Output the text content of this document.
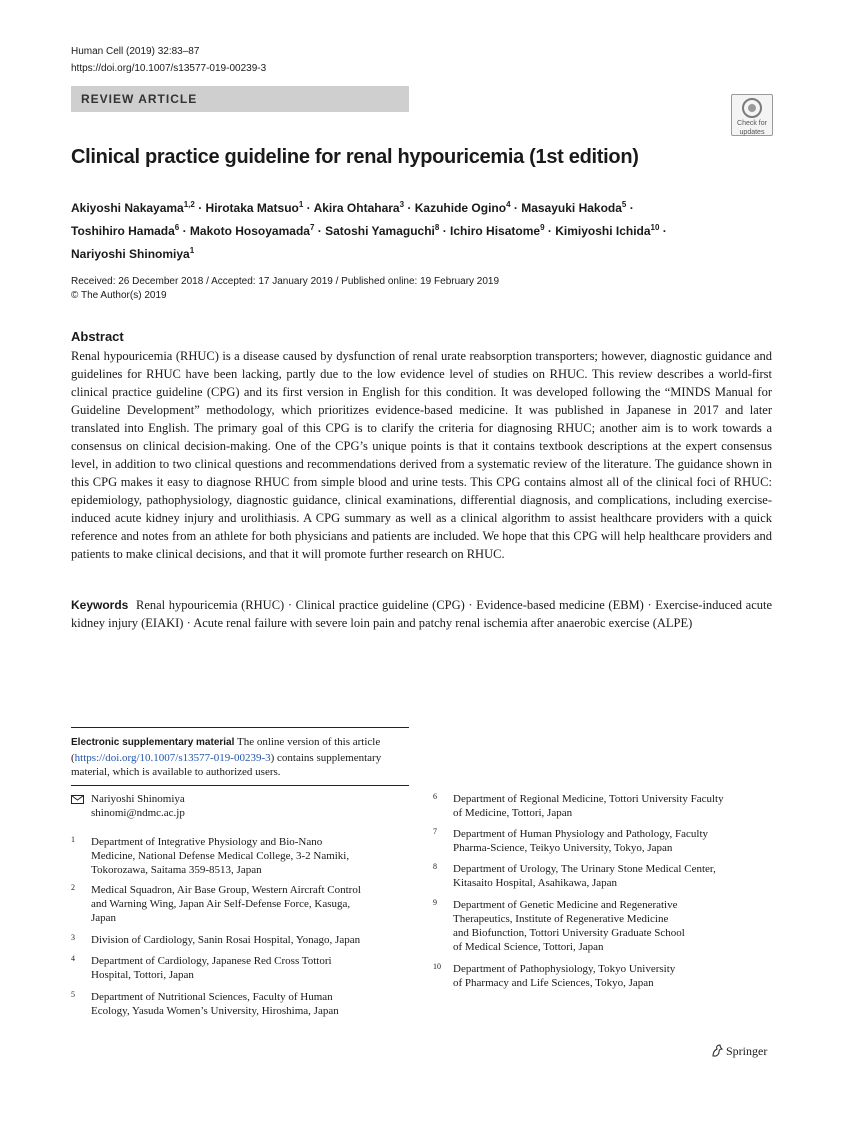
Human Cell (2019) 32:83–87
https://doi.org/10.1007/s13577-019-00239-3
REVIEW ARTICLE
Check for
updates
Clinical practice guideline for renal hypouricemia (1st edition)
Akiyoshi Nakayama$^{1,2}$ · Hirotaka Matsuo$^1$ · Akira Ohtahara$^3$ · Kazuhide Ogino$^4$ · Masayuki Hakoda$^5$ ·
Toshihiro Hamada$^6$ · Makoto Hosoyamada$^7$ · Satoshi Yamaguchi$^8$ · Ichiro Hisatome$^9$ · Kimiyoshi Ichida$^{10}$ ·
Nariyoshi Shinomiya$^1$
Received: 26 December 2018 / Accepted: 17 January 2019 / Published online: 19 February 2019
© The Author(s) 2019
Abstract
Renal hypouricemia (RHUC) is a disease caused by dysfunction of renal urate reabsorption transporters; however, diagnostic guidance and guidelines for RHUC have been lacking, partly due to the low evidence level of studies on RHUC. This review describes a world-first clinical practice guideline (CPG) and its first version in English for this condition. It was developed following the “MINDS Manual for Guideline Development” methodology, which prioritizes evidence-based medicine. It was published in Japanese in 2017 and later translated into English. The primary goal of this CPG is to clarify the criteria for diagnosing RHUC; another aim is to work towards a consensus on clinical decision-making. One of the CPG’s unique points is that it contains textbook descriptions at the expert consensus level, in addition to two clinical questions and recommendations derived from a systematic review of the literature. The guidance shown in this CPG makes it easy to diagnose RHUC from simple blood and urine tests. This CPG contains almost all of the clinical foci of RHUC: epidemiology, pathophysiology, diagnostic guidance, clinical examinations, differential diagnosis, and complications, including exercise-induced acute kidney injury and urolithiasis. A CPG summary as well as a clinical algorithm to assist healthcare providers with a quick reference and notes from an athlete for both physicians and patients are included. We hope that this CPG will help healthcare providers and patients to make clinical decisions, and that it will promote further research on RHUC.
Keywords Renal hypouricemia (RHUC) · Clinical practice guideline (CPG) · Evidence-based medicine (EBM) · Exercise-induced acute kidney injury (EIAKI) · Acute renal failure with severe loin pain and patchy renal ischemia after anaerobic exercise (ALPE)
Electronic supplementary material The online version of this article (https://doi.org/10.1007/s13577-019-00239-3) contains supplementary material, which is available to authorized users.
Nariyoshi Shinomiya
shinomi@ndmc.ac.jp
1 Department of Integrative Physiology and Bio-Nano
Medicine, National Defense Medical College, 3-2 Namiki,
Tokorozawa, Saitama 359-8513, Japan
2 Medical Squadron, Air Base Group, Western Aircraft Control
and Warning Wing, Japan Air Self-Defense Force, Kasuga,
Japan
3 Division of Cardiology, Sanin Rosai Hospital, Yonago, Japan
4 Department of Cardiology, Japanese Red Cross Tottori
Hospital, Tottori, Japan
5 Department of Nutritional Sciences, Faculty of Human
Ecology, Yasuda Women’s University, Hiroshima, Japan
6 Department of Regional Medicine, Tottori University Faculty
of Medicine, Tottori, Japan
7 Department of Human Physiology and Pathology, Faculty
Pharma-Science, Teikyo University, Tokyo, Japan
8 Department of Urology, The Urinary Stone Medical Center,
Kitasaito Hospital, Asahikawa, Japan
9 Department of Genetic Medicine and Regenerative
Therapeutics, Institute of Regenerative Medicine
and Biofunction, Tottori University Graduate School
of Medical Science, Tottori, Japan
10 Department of Pathophysiology, Tokyo University
of Pharmacy and Life Sciences, Tokyo, Japan
Springer
